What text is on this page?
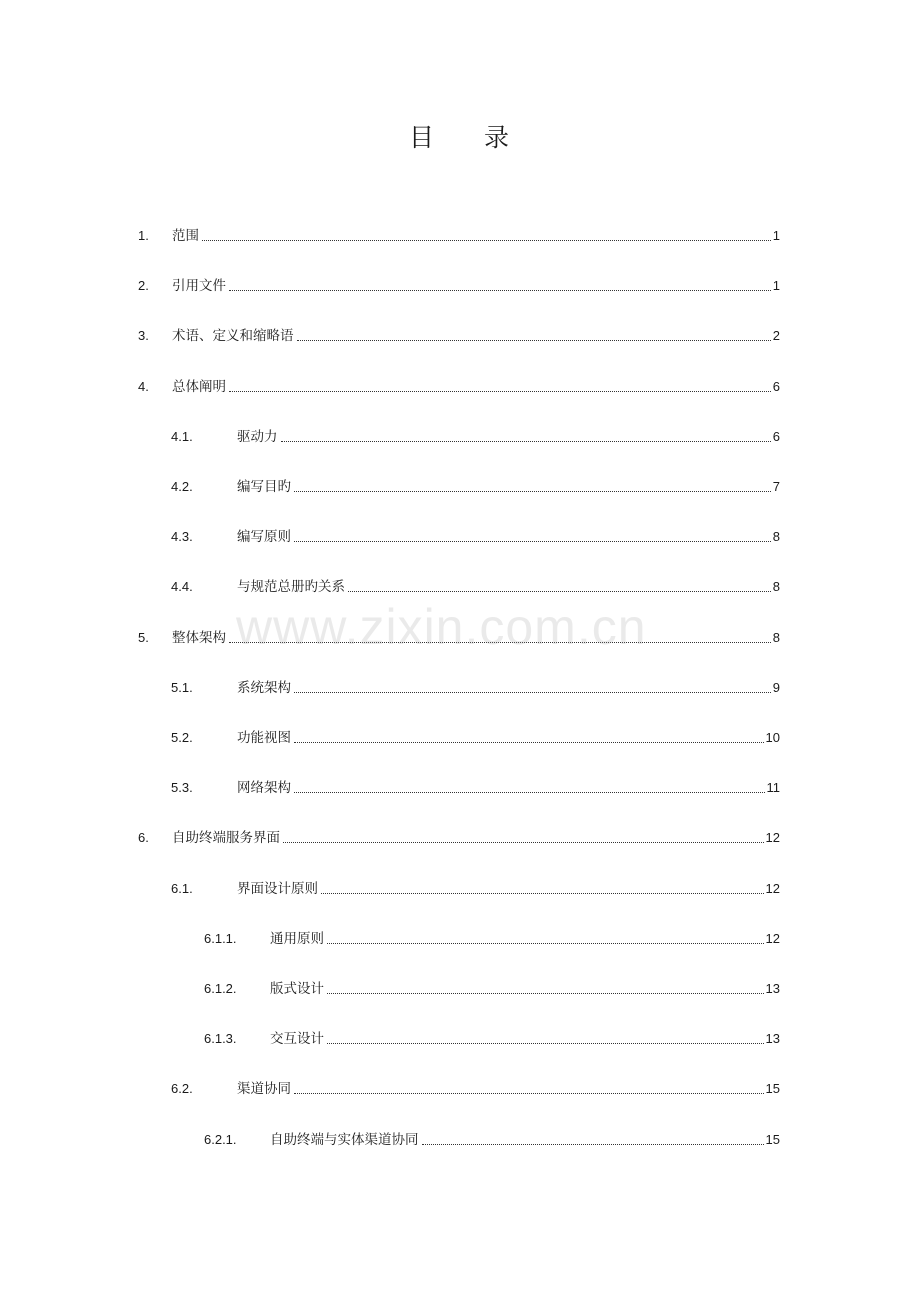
目 录
1.	范围	1
2.	引用文件	1
3.	术语、定义和缩略语	2
4.	总体阐明	6
4.1.	驱动力	6
4.2.	编写目旳	7
4.3.	编写原则	8
4.4.	与规范总册旳关系	8
5.	整体架构	8
5.1.	系统架构	9
5.2.	功能视图	10
5.3.	网络架构	11
6.	自助终端服务界面	12
6.1.	界面设计原则	12
6.1.1.	通用原则	12
6.1.2.	版式设计	13
6.1.3.	交互设计	13
6.2.	渠道协同	15
6.2.1.	自助终端与实体渠道协同	15
www.zixin.com.cn
